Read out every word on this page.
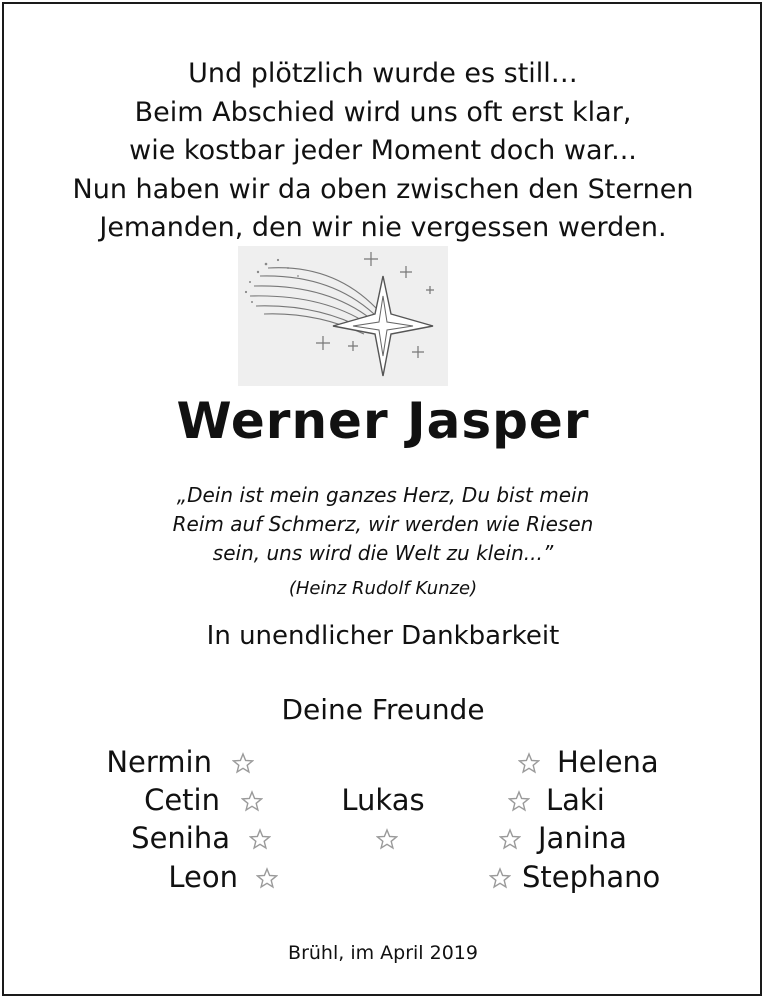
Und plötzlich wurde es still…
Beim Abschied wird uns oft erst klar,
wie kostbar jeder Moment doch war...
Nun haben wir da oben zwischen den Sternen
Jemanden, den wir nie vergessen werden.
Werner Jasper
„Dein ist mein ganzes Herz, Du bist mein
Reim auf Schmerz, wir werden wie Riesen
sein, uns wird die Welt zu klein...”
(Heinz Rudolf Kunze)
In unendlicher Dankbarkeit
Deine Freunde
Nermin
Cetin
Seniha
Leon
Lukas
Helena
Laki
Janina
Stephano
Brühl, im April 2019
